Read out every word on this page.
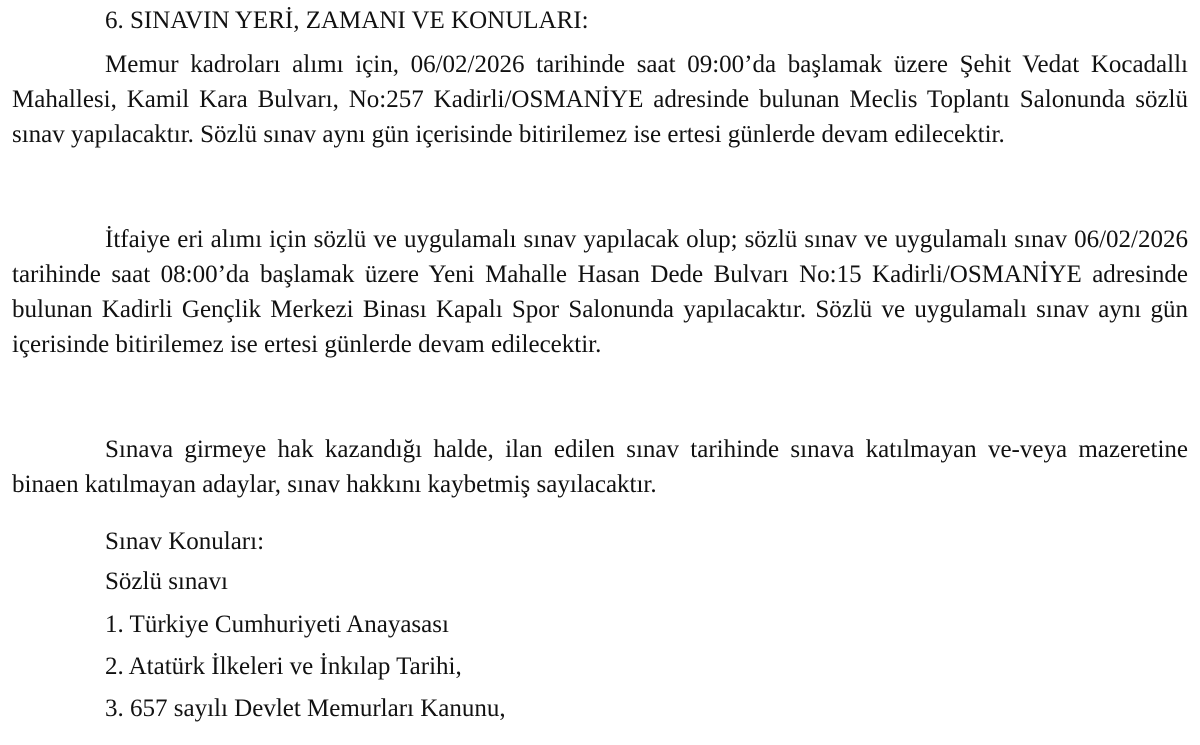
6. SINAVIN YERİ, ZAMANI VE KONULARI:

Memur kadroları alımı için, 06/02/2026 tarihinde saat 09:00’da başlamak üzere Şehit Vedat Kocadallı Mahallesi, Kamil Kara Bulvarı, No:257 Kadirli/OSMANİYE adresinde bulunan Meclis Toplantı Salonunda sözlü sınav yapılacaktır. Sözlü sınav aynı gün içerisinde bitirilemez ise ertesi günlerde devam edilecektir.

İtfaiye eri alımı için sözlü ve uygulamalı sınav yapılacak olup; sözlü sınav ve uygulamalı sınav 06/02/2026 tarihinde saat 08:00’da başlamak üzere Yeni Mahalle Hasan Dede Bulvarı No:15 Kadirli/OSMANİYE adresinde bulunan Kadirli Gençlik Merkezi Binası Kapalı Spor Salonunda yapılacaktır. Sözlü ve uygulamalı sınav aynı gün içerisinde bitirilemez ise ertesi günlerde devam edilecektir.

Sınava girmeye hak kazandığı halde, ilan edilen sınav tarihinde sınava katılmayan ve-veya mazeretine binaen katılmayan adaylar, sınav hakkını kaybetmiş sayılacaktır.

Sınav Konuları:
Sözlü sınavı
1. Türkiye Cumhuriyeti Anayasası
2. Atatürk İlkeleri ve İnkılap Tarihi,
3. 657 sayılı Devlet Memurları Kanunu,
